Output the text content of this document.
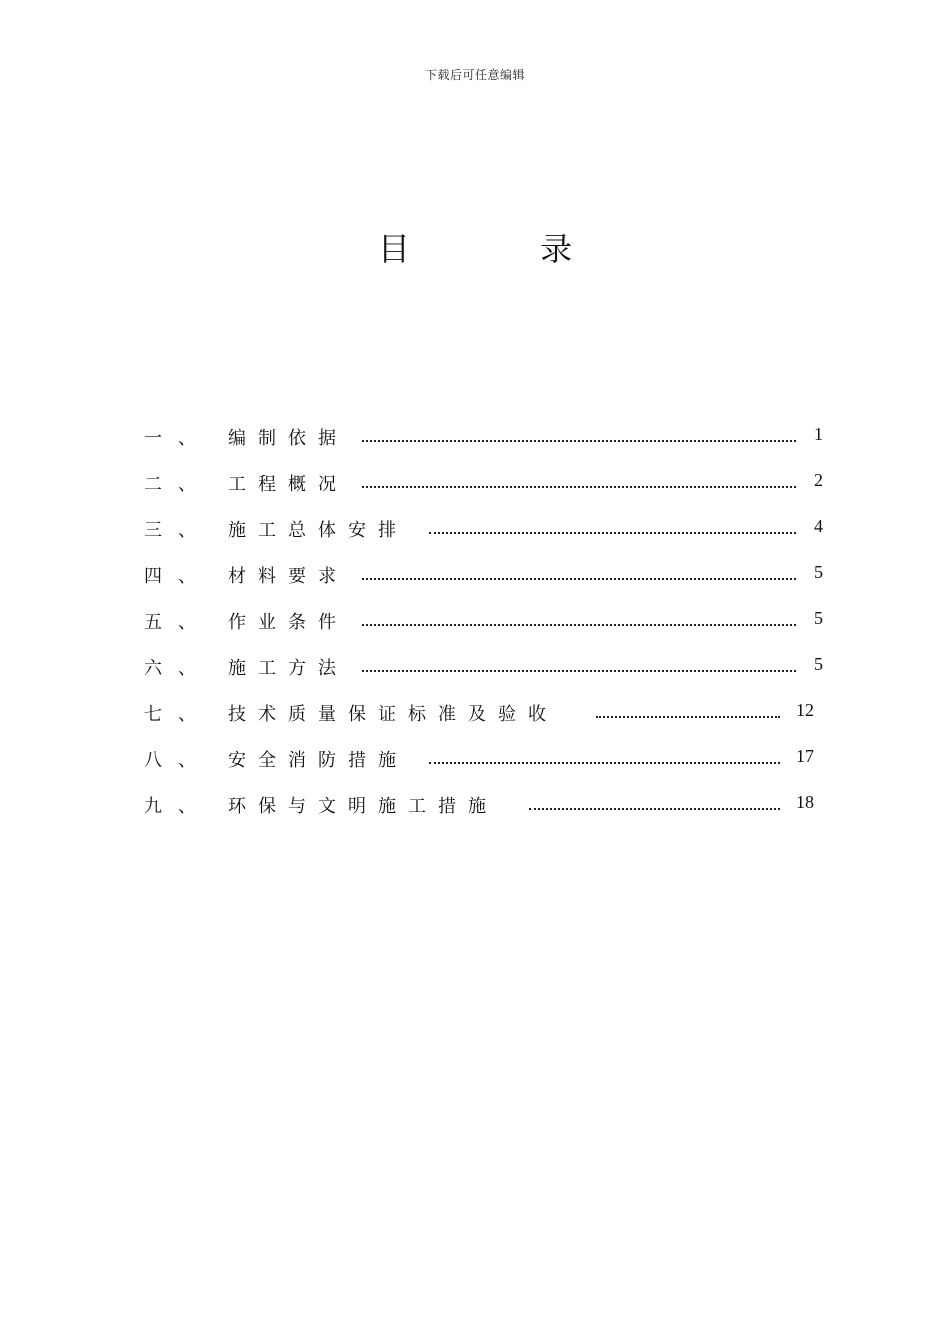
下载后可任意编辑
目 录
一、 编制依据	1
二、 工程概况	2
三、 施工总体安排	4
四、 材料要求	5
五、 作业条件	5
六、 施工方法	5
七、 技术质量保证标准及验收	12
八、 安全消防措施	17
九、 环保与文明施工措施	18
